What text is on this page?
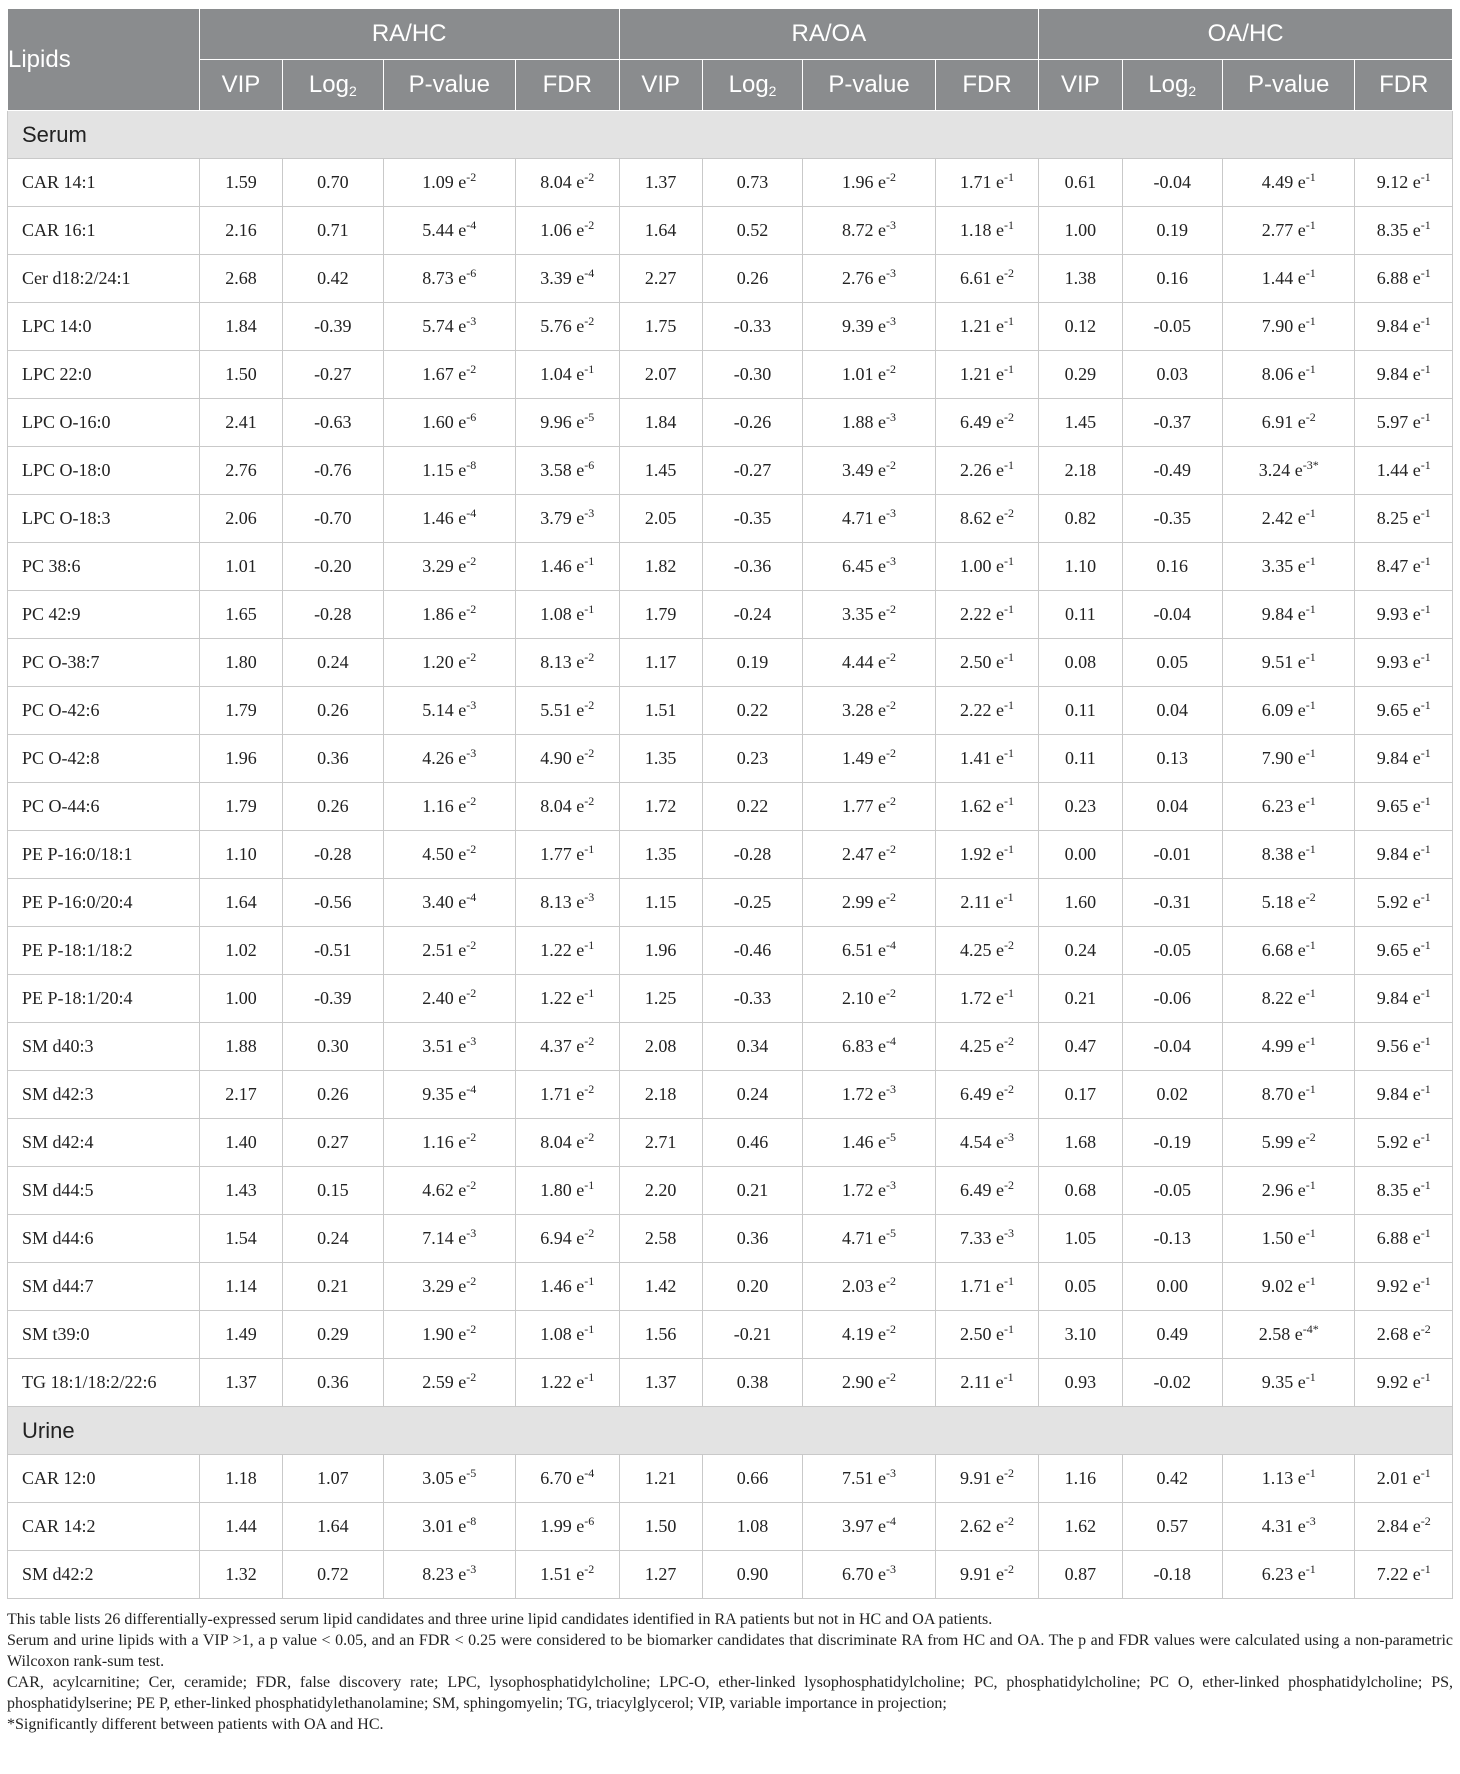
Lipids	RA/HC				RA/OA				OA/HC			
	VIP	Log$_2$	P-value	FDR	VIP	Log$_2$	P-value	FDR	VIP	Log$_2$	P-value	FDR
Serum												
CAR 14:1	1.59	0.70	1.09 $e^{-2}$	8.04 $e^{-2}$	1.37	0.73	1.96 $e^{-2}$	1.71 $e^{-1}$	0.61	-0.04	4.49 $e^{-1}$	9.12 $e^{-1}$
CAR 16:1	2.16	0.71	5.44 $e^{-4}$	1.06 $e^{-2}$	1.64	0.52	8.72 $e^{-3}$	1.18 $e^{-1}$	1.00	0.19	2.77 $e^{-1}$	8.35 $e^{-1}$
Cer d18:2/24:1	2.68	0.42	8.73 $e^{-6}$	3.39 $e^{-4}$	2.27	0.26	2.76 $e^{-3}$	6.61 $e^{-2}$	1.38	0.16	1.44 $e^{-1}$	6.88 $e^{-1}$
LPC 14:0	1.84	-0.39	5.74 $e^{-3}$	5.76 $e^{-2}$	1.75	-0.33	9.39 $e^{-3}$	1.21 $e^{-1}$	0.12	-0.05	7.90 $e^{-1}$	9.84 $e^{-1}$
LPC 22:0	1.50	-0.27	1.67 $e^{-2}$	1.04 $e^{-1}$	2.07	-0.30	1.01 $e^{-2}$	1.21 $e^{-1}$	0.29	0.03	8.06 $e^{-1}$	9.84 $e^{-1}$
LPC O-16:0	2.41	-0.63	1.60 $e^{-6}$	9.96 $e^{-5}$	1.84	-0.26	1.88 $e^{-3}$	6.49 $e^{-2}$	1.45	-0.37	6.91 $e^{-2}$	5.97 $e^{-1}$
LPC O-18:0	2.76	-0.76	1.15 $e^{-8}$	3.58 $e^{-6}$	1.45	-0.27	3.49 $e^{-2}$	2.26 $e^{-1}$	2.18	-0.49	3.24 $e^{-3*}$	1.44 $e^{-1}$
LPC O-18:3	2.06	-0.70	1.46 $e^{-4}$	3.79 $e^{-3}$	2.05	-0.35	4.71 $e^{-3}$	8.62 $e^{-2}$	0.82	-0.35	2.42 $e^{-1}$	8.25 $e^{-1}$
PC 38:6	1.01	-0.20	3.29 $e^{-2}$	1.46 $e^{-1}$	1.82	-0.36	6.45 $e^{-3}$	1.00 $e^{-1}$	1.10	0.16	3.35 $e^{-1}$	8.47 $e^{-1}$
PC 42:9	1.65	-0.28	1.86 $e^{-2}$	1.08 $e^{-1}$	1.79	-0.24	3.35 $e^{-2}$	2.22 $e^{-1}$	0.11	-0.04	9.84 $e^{-1}$	9.93 $e^{-1}$
PC O-38:7	1.80	0.24	1.20 $e^{-2}$	8.13 $e^{-2}$	1.17	0.19	4.44 $e^{-2}$	2.50 $e^{-1}$	0.08	0.05	9.51 $e^{-1}$	9.93 $e^{-1}$
PC O-42:6	1.79	0.26	5.14 $e^{-3}$	5.51 $e^{-2}$	1.51	0.22	3.28 $e^{-2}$	2.22 $e^{-1}$	0.11	0.04	6.09 $e^{-1}$	9.65 $e^{-1}$
PC O-42:8	1.96	0.36	4.26 $e^{-3}$	4.90 $e^{-2}$	1.35	0.23	1.49 $e^{-2}$	1.41 $e^{-1}$	0.11	0.13	7.90 $e^{-1}$	9.84 $e^{-1}$
PC O-44:6	1.79	0.26	1.16 $e^{-2}$	8.04 $e^{-2}$	1.72	0.22	1.77 $e^{-2}$	1.62 $e^{-1}$	0.23	0.04	6.23 $e^{-1}$	9.65 $e^{-1}$
PE P-16:0/18:1	1.10	-0.28	4.50 $e^{-2}$	1.77 $e^{-1}$	1.35	-0.28	2.47 $e^{-2}$	1.92 $e^{-1}$	0.00	-0.01	8.38 $e^{-1}$	9.84 $e^{-1}$
PE P-16:0/20:4	1.64	-0.56	3.40 $e^{-4}$	8.13 $e^{-3}$	1.15	-0.25	2.99 $e^{-2}$	2.11 $e^{-1}$	1.60	-0.31	5.18 $e^{-2}$	5.92 $e^{-1}$
PE P-18:1/18:2	1.02	-0.51	2.51 $e^{-2}$	1.22 $e^{-1}$	1.96	-0.46	6.51 $e^{-4}$	4.25 $e^{-2}$	0.24	-0.05	6.68 $e^{-1}$	9.65 $e^{-1}$
PE P-18:1/20:4	1.00	-0.39	2.40 $e^{-2}$	1.22 $e^{-1}$	1.25	-0.33	2.10 $e^{-2}$	1.72 $e^{-1}$	0.21	-0.06	8.22 $e^{-1}$	9.84 $e^{-1}$
SM d40:3	1.88	0.30	3.51 $e^{-3}$	4.37 $e^{-2}$	2.08	0.34	6.83 $e^{-4}$	4.25 $e^{-2}$	0.47	-0.04	4.99 $e^{-1}$	9.56 $e^{-1}$
SM d42:3	2.17	0.26	9.35 $e^{-4}$	1.71 $e^{-2}$	2.18	0.24	1.72 $e^{-3}$	6.49 $e^{-2}$	0.17	0.02	8.70 $e^{-1}$	9.84 $e^{-1}$
SM d42:4	1.40	0.27	1.16 $e^{-2}$	8.04 $e^{-2}$	2.71	0.46	1.46 $e^{-5}$	4.54 $e^{-3}$	1.68	-0.19	5.99 $e^{-2}$	5.92 $e^{-1}$
SM d44:5	1.43	0.15	4.62 $e^{-2}$	1.80 $e^{-1}$	2.20	0.21	1.72 $e^{-3}$	6.49 $e^{-2}$	0.68	-0.05	2.96 $e^{-1}$	8.35 $e^{-1}$
SM d44:6	1.54	0.24	7.14 $e^{-3}$	6.94 $e^{-2}$	2.58	0.36	4.71 $e^{-5}$	7.33 $e^{-3}$	1.05	-0.13	1.50 $e^{-1}$	6.88 $e^{-1}$
SM d44:7	1.14	0.21	3.29 $e^{-2}$	1.46 $e^{-1}$	1.42	0.20	2.03 $e^{-2}$	1.71 $e^{-1}$	0.05	0.00	9.02 $e^{-1}$	9.92 $e^{-1}$
SM t39:0	1.49	0.29	1.90 $e^{-2}$	1.08 $e^{-1}$	1.56	-0.21	4.19 $e^{-2}$	2.50 $e^{-1}$	3.10	0.49	2.58 $e^{-4*}$	2.68 $e^{-2}$
TG 18:1/18:2/22:6	1.37	0.36	2.59 $e^{-2}$	1.22 $e^{-1}$	1.37	0.38	2.90 $e^{-2}$	2.11 $e^{-1}$	0.93	-0.02	9.35 $e^{-1}$	9.92 $e^{-1}$
Urine												
CAR 12:0	1.18	1.07	3.05 $e^{-5}$	6.70 $e^{-4}$	1.21	0.66	7.51 $e^{-3}$	9.91 $e^{-2}$	1.16	0.42	1.13 $e^{-1}$	2.01 $e^{-1}$
CAR 14:2	1.44	1.64	3.01 $e^{-8}$	1.99 $e^{-6}$	1.50	1.08	3.97 $e^{-4}$	2.62 $e^{-2}$	1.62	0.57	4.31 $e^{-3}$	2.84 $e^{-2}$
SM d42:2	1.32	0.72	8.23 $e^{-3}$	1.51 $e^{-2}$	1.27	0.90	6.70 $e^{-3}$	9.91 $e^{-2}$	0.87	-0.18	6.23 $e^{-1}$	7.22 $e^{-1}$

This table lists 26 differentially-expressed serum lipid candidates and three urine lipid candidates identified in RA patients but not in HC and OA patients.

Serum and urine lipids with a VIP >1, a p value < 0.05, and an FDR < 0.25 were considered to be biomarker candidates that discriminate RA from HC and OA. The p and FDR values were calculated using a non-parametric Wilcoxon rank-sum test.

CAR, acylcarnitine; Cer, ceramide; FDR, false discovery rate; LPC, lysophosphatidylcholine; LPC-O, ether-linked lysophosphatidylcholine; PC, phosphatidylcholine; PC O, ether-linked phosphatidylcholine; PS, phosphatidylserine; PE P, ether-linked phosphatidylethanolamine; SM, sphingomyelin; TG, triacylglycerol; VIP, variable importance in projection;

*Significantly different between patients with OA and HC.
